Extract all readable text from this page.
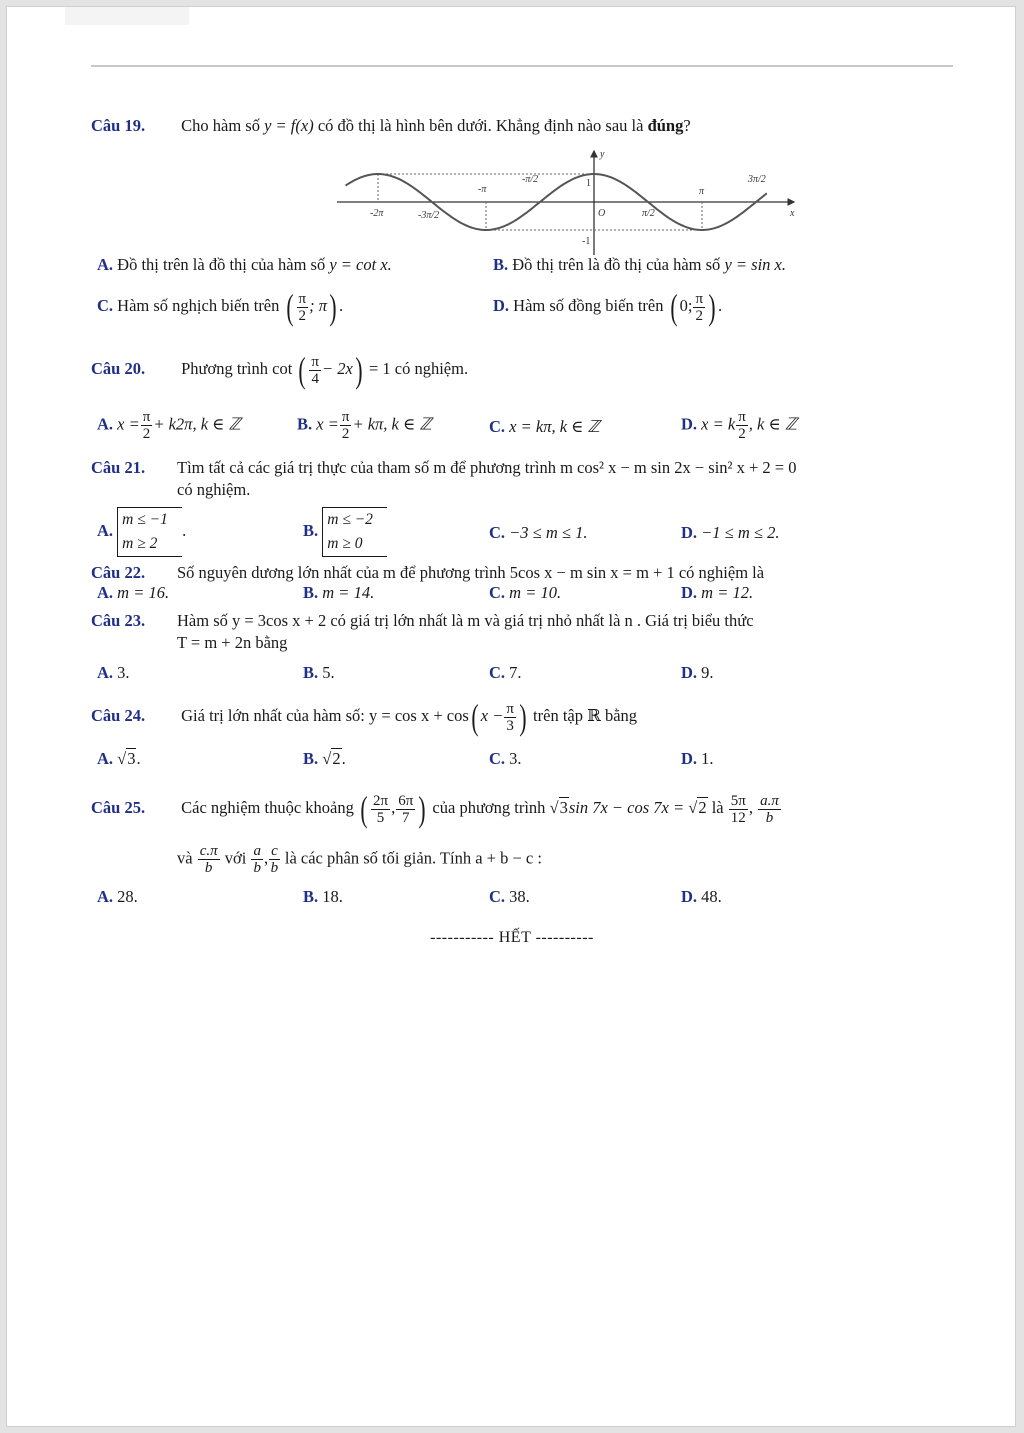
Câu 19. Cho hàm số y = f(x) có đồ thị là hình bên dưới. Khẳng định nào sau là đúng?
-2π	-3π/2
-π
-π/2
O	π/2
π
3π/2
1
-1
y
x
A. Đồ thị trên là đồ thị của hàm số y = cot x.	B. Đồ thị trên là đồ thị của hàm số y = sin x.
C. Hàm số nghịch biến trên ( $\frac{\pi}{2}$ ; π) .	D. Hàm số đồng biến trên ( 0; $\frac{\pi}{2}$ ) .
Câu 20. Phương trình cot ( $\frac{\pi}{4} - 2x) = 1$ có nghiệm.
A. $x = \frac{\pi}{2} + k2\pi$, k ∈ ℤ	B. $x = \frac{\pi}{2} + k\pi$, k ∈ ℤ	C. x = kπ, k ∈ ℤ	D. x = k $\frac{\pi}{2}$ , k ∈ ℤ
Câu 21. Tìm tất cả các giá trị thực của tham số m để phương trình m cos² x − m sin 2x − sin² x + 2 = 0
có nghiệm.
A.
m ≤ −1
m ≥ 2
.	B.
m ≤ −2
m ≥ 0
C. −3 ≤ m ≤ 1.	D. −1 ≤ m ≤ 2.
Câu 22. Số nguyên dương lớn nhất của m để phương trình 5cos x − m sin x = m + 1 có nghiệm là
A. m = 16.	B. m = 14.	C. m = 10.	D. m = 12.
Câu 23. Hàm số y = 3cos x + 2 có giá trị lớn nhất là m và giá trị nhỏ nhất là n . Giá trị biểu thức
T = m + 2n bằng
A. 3.	B. 5.	C. 7.	D. 9.
Câu 24. Giá trị lớn nhất của hàm số: y = cos x + cos( $x - \frac{\pi}{3}$ ) trên tập ℝ bằng
A. √3.	B. √2.	C. 3.	D. 1.
Câu 25. Các nghiệm thuộc khoảng ( $\frac{2\pi}{5}$ , $\frac{6\pi}{7}$ ) của phương trình √3sin 7x − cos 7x = √2 là $\frac{5\pi}{12}$ , $\frac{a.\pi}{b}$
và $\frac{c.\pi}{b}$ với $\frac{a}{b}$ , $\frac{c}{b}$ là các phân số tối giản. Tính a + b − c :
A. 28.	B. 18.	C. 38.	D. 48.
----------- HẾT ----------
